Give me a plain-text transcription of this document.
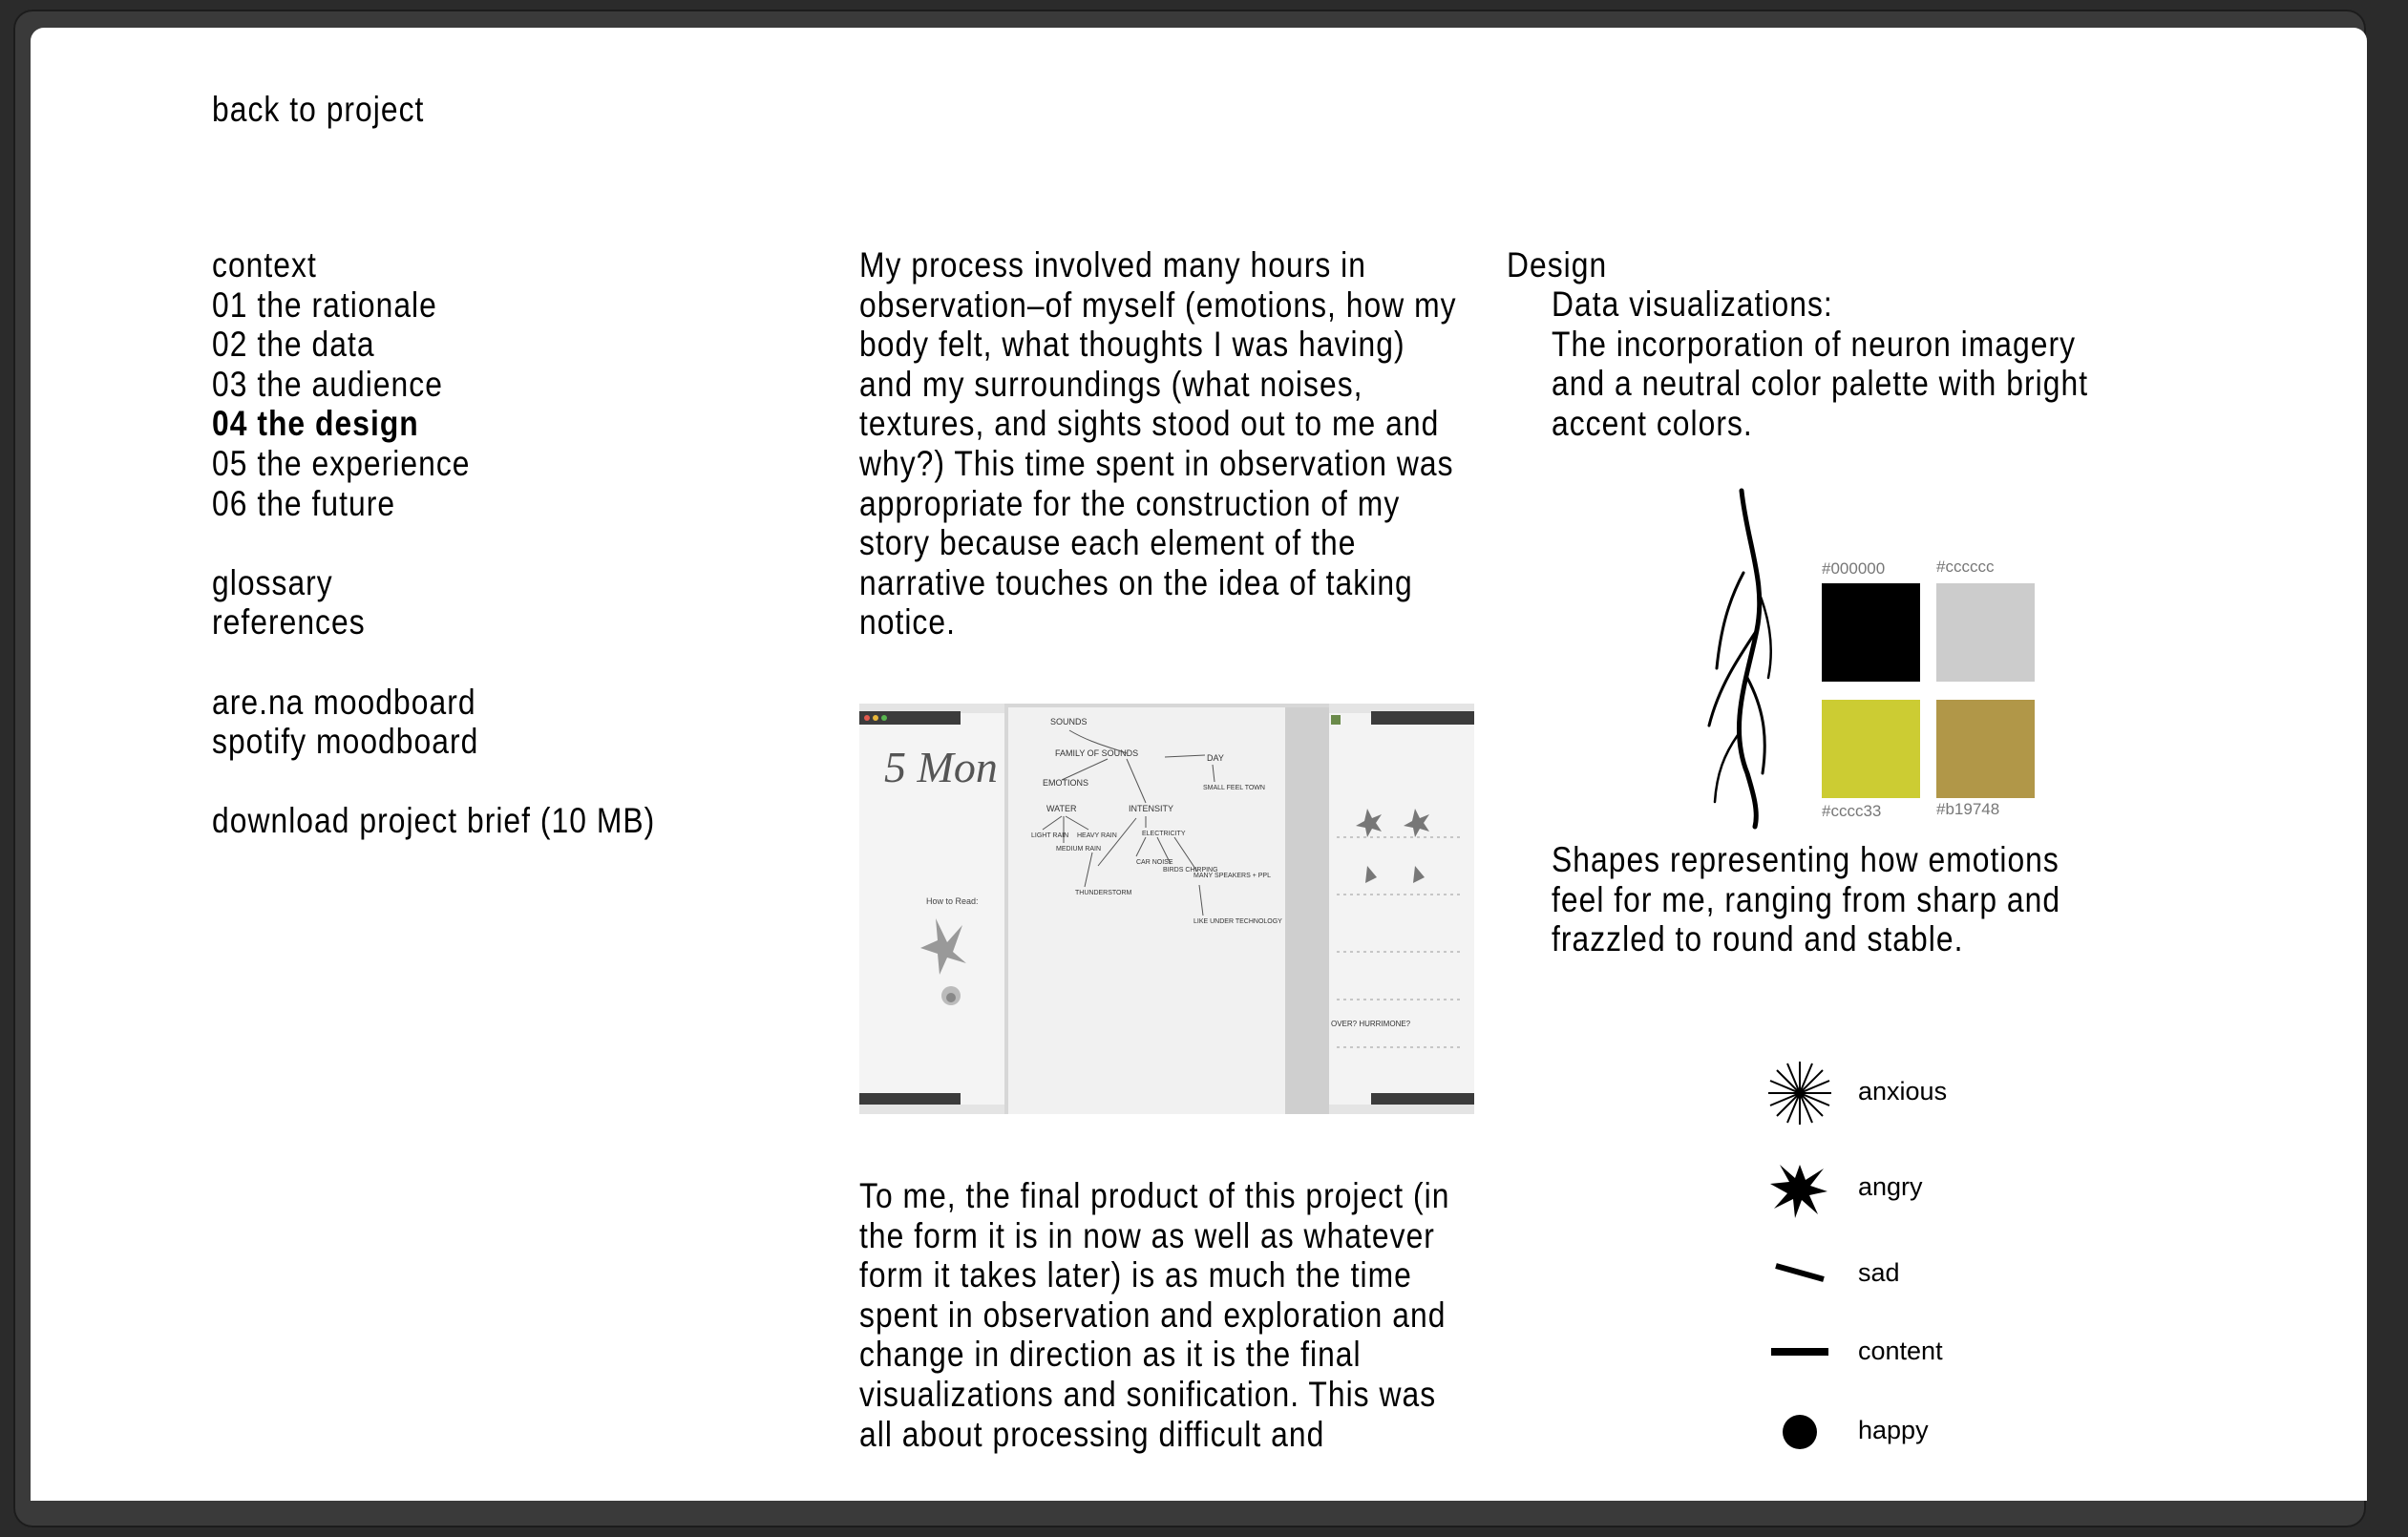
back to project
context
01 the rationale
02 the data
03 the audience
04 the design
05 the experience
06 the future
glossary
references
are.na moodboard
spotify moodboard
download project brief (10 MB)
My process involved many hours in observation–of myself (emotions, how my body felt, what thoughts I was having) and my surroundings (what noises, textures, and sights stood out to me and why?) This time spent in observation was appropriate for the construction of my story because each element of the narrative touches on the idea of taking notice.
5 Mon
How to Read:
SOUNDS
FAMILY OF SOUNDS
EMOTIONS
WATER	INTENSITY
DAY
LIGHT RAIN HEAVY RAIN
MEDIUM RAIN
ELECTRICITY
CAR NOISE
BIRDS CHIRPING
MANY SPEAKERS + PPL
THUNDERSTORM
LIKE UNDER TECHNOLOGY
SMALL FEEL TOWN
OVER? HURRIMONE?
To me, the final product of this project (in the form it is in now as well as whatever form it takes later) is as much the time spent in observation and exploration and change in direction as it is the final visualizations and sonification. This was all about processing difficult and
Design
Data visualizations:
The incorporation of neuron imagery and a neutral color palette with bright accent colors.
#000000	#cccccc
#cccc33	#b19748
Shapes representing how emotions feel for me, ranging from sharp and frazzled to round and stable.
anxious
angry
sad
content
happy
